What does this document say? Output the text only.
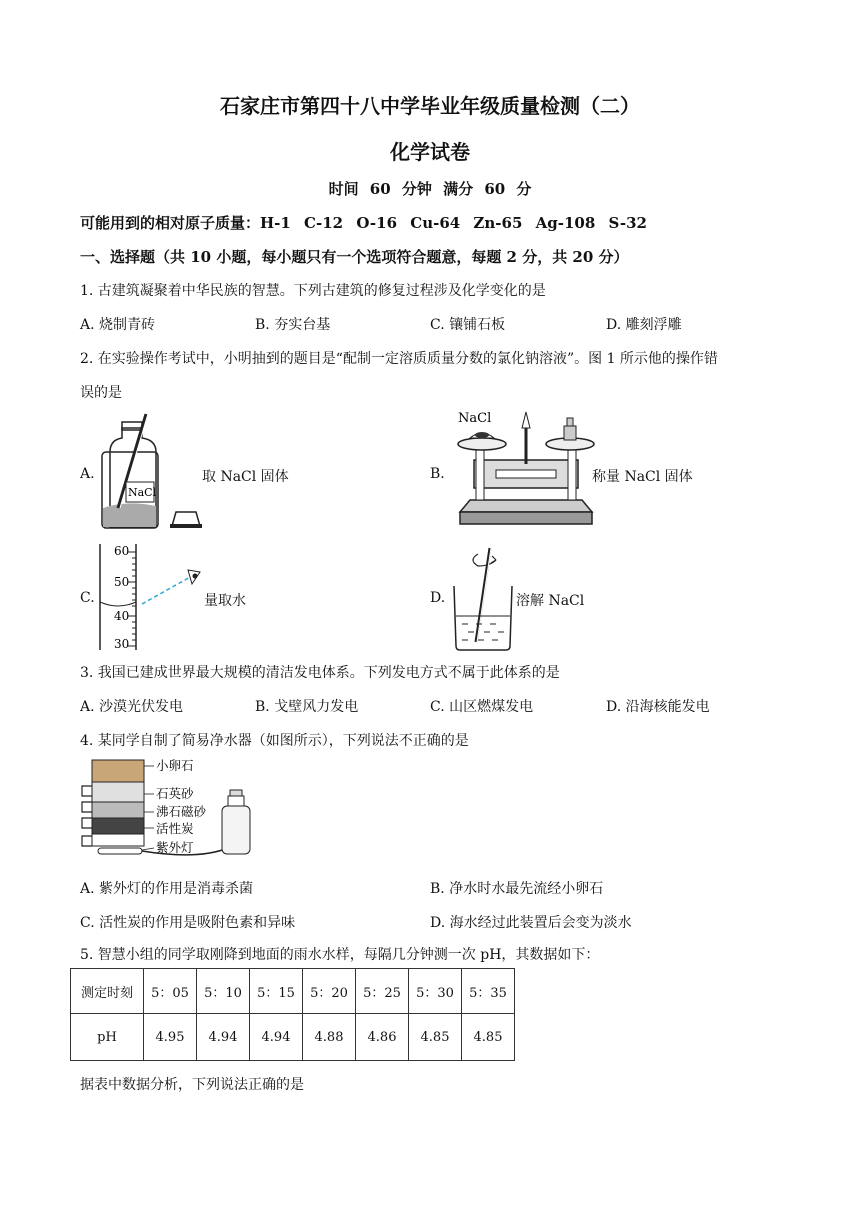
石家庄市第四十八中学毕业年级质量检测（二）
化学试卷
时间 60 分钟 满分 60 分
可能用到的相对原子质量：H-1 C-12 O-16 Cu-64 Zn-65 Ag-108 S-32
一、选择题（共 10 小题，每小题只有一个选项符合题意，每题 2 分，共 20 分）
1. 古建筑凝聚着中华民族的智慧。下列古建筑的修复过程涉及化学变化的是
A. 烧制青砖	B. 夯实台基	C. 镶铺石板	D. 雕刻浮雕
2. 在实验操作考试中，小明抽到的题目是“配制一定溶质质量分数的氯化钠溶液”。图 1 所示他的操作错
误的是
A.
NaCl
取 NaCl 固体	B.
NaCl
称量 NaCl 固体
C.
60
50
40
30
量取水	D.	溶解 NaCl
3. 我国已建成世界最大规模的清洁发电体系。下列发电方式不属于此体系的是
A. 沙漠光伏发电	B. 戈壁风力发电	C. 山区燃煤发电	D. 沿海核能发电
4. 某同学自制了简易净水器（如图所示），下列说法不正确的是
小卵石
石英砂
沸石磁砂
活性炭
紫外灯
A. 紫外灯的作用是消毒杀菌	B. 净水时水最先流经小卵石
C. 活性炭的作用是吸附色素和异味	D. 海水经过此装置后会变为淡水
5. 智慧小组的同学取刚降到地面的雨水水样，每隔几分钟测一次 pH，其数据如下：
测定时刻	5：05	5：10	5：15	5：20	5：25	5：30	5：35
pH	4.95	4.94	4.94	4.88	4.86	4.85	4.85
据表中数据分析，下列说法正确的是
